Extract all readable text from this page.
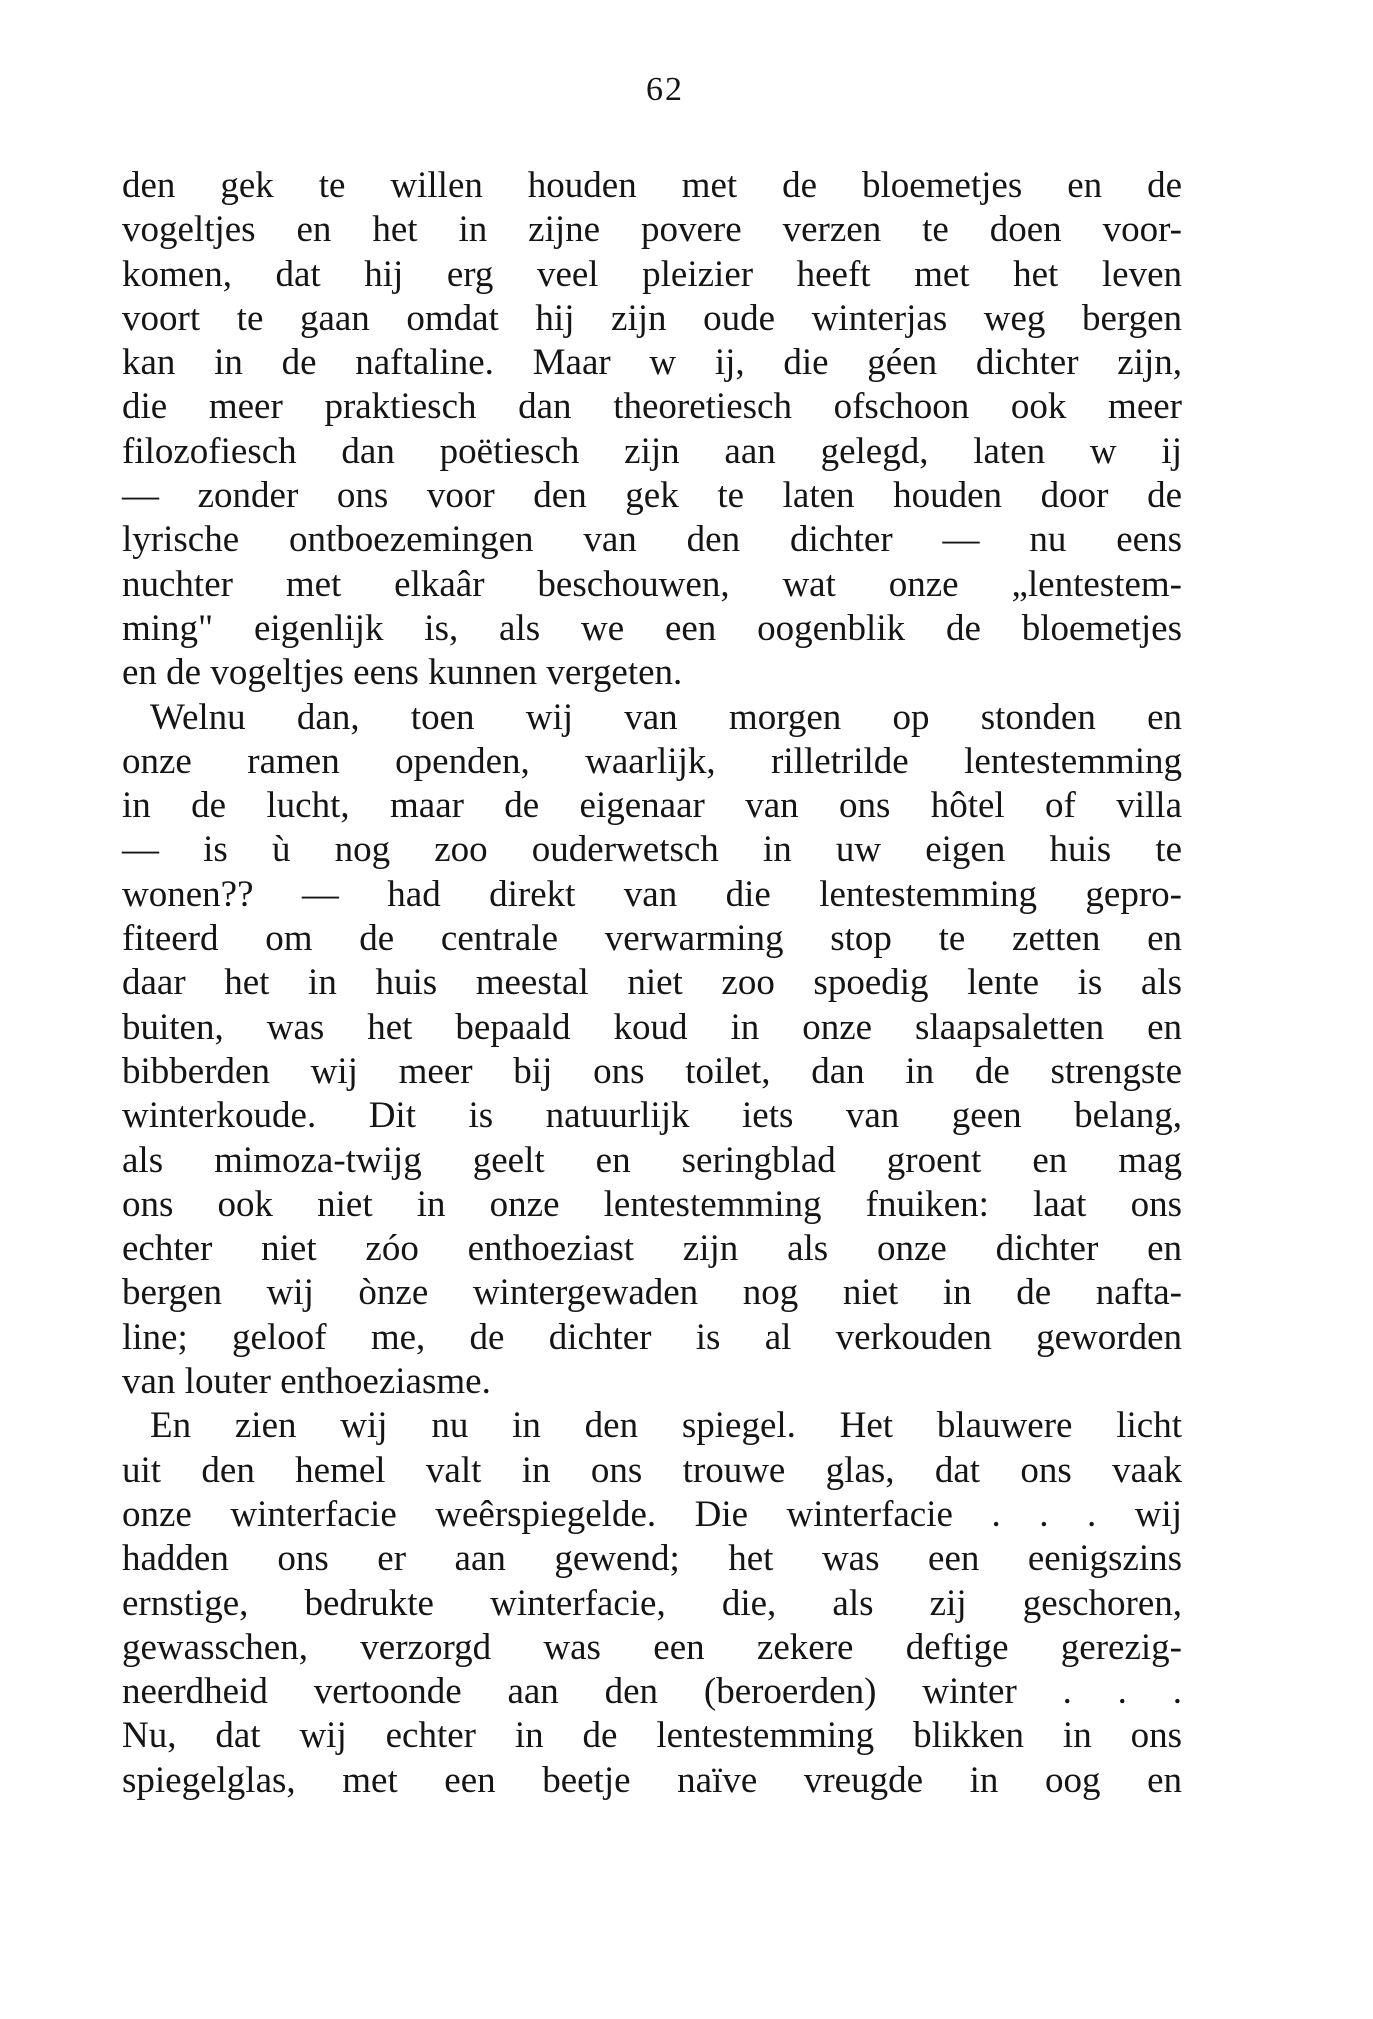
62
den gek te willen houden met de bloemetjes en de
vogeltjes en het in zijne povere verzen te doen voor-
komen, dat hij erg veel pleizier heeft met het leven
voort te gaan omdat hij zijn oude winterjas weg bergen
kan in de naftaline. Maar w ij, die géen dichter zijn,
die meer praktiesch dan theoretiesch ofschoon ook meer
filozofiesch dan poëtiesch zijn aan gelegd, laten w ij
— zonder ons voor den gek te laten houden door de
lyrische ontboezemingen van den dichter — nu eens
nuchter met elkaâr beschouwen, wat onze „lentestem-
ming" eigenlijk is, als we een oogenblik de bloemetjes
en de vogeltjes eens kunnen vergeten.
Welnu dan, toen wij van morgen op stonden en
onze ramen openden, waarlijk, rilletrilde lentestemming
in de lucht, maar de eigenaar van ons hôtel of villa
— is ù nog zoo ouderwetsch in uw eigen huis te
wonen?? — had direkt van die lentestemming gepro-
fiteerd om de centrale verwarming stop te zetten en
daar het in huis meestal niet zoo spoedig lente is als
buiten, was het bepaald koud in onze slaapsaletten en
bibberden wij meer bij ons toilet, dan in de strengste
winterkoude. Dit is natuurlijk iets van geen belang,
als mimoza-twijg geelt en seringblad groent en mag
ons ook niet in onze lentestemming fnuiken: laat ons
echter niet zóo enthoeziast zijn als onze dichter en
bergen wij ònze wintergewaden nog niet in de nafta-
line; geloof me, de dichter is al verkouden geworden
van louter enthoeziasme.
En zien wij nu in den spiegel. Het blauwere licht
uit den hemel valt in ons trouwe glas, dat ons vaak
onze winterfacie weêrspiegelde. Die winterfacie . . . wij
hadden ons er aan gewend; het was een eenigszins
ernstige, bedrukte winterfacie, die, als zij geschoren,
gewasschen, verzorgd was een zekere deftige gerezig-
neerdheid vertoonde aan den (beroerden) winter . . .
Nu, dat wij echter in de lentestemming blikken in ons
spiegelglas, met een beetje naïve vreugde in oog en
